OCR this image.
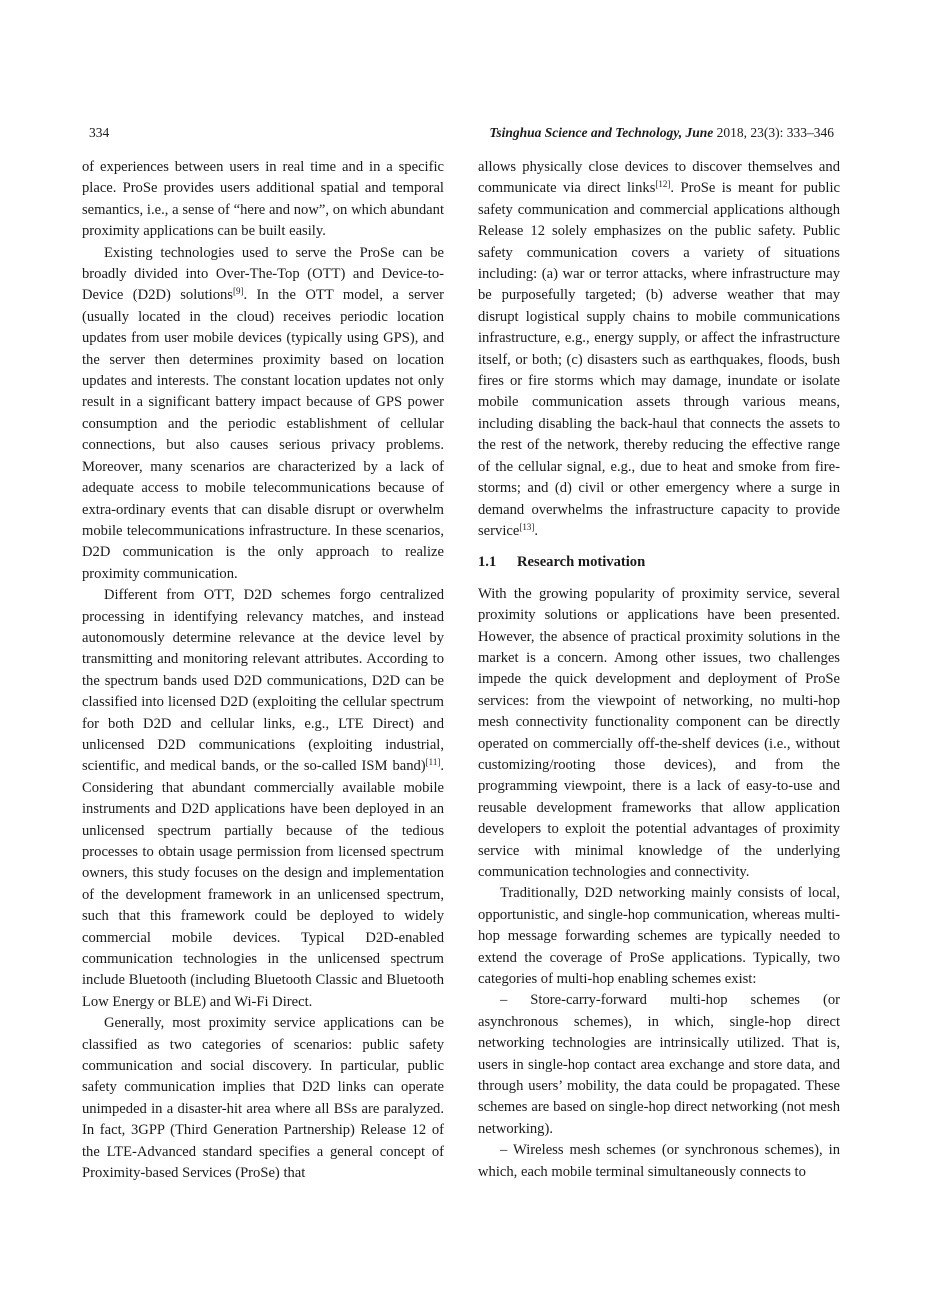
334	Tsinghua Science and Technology, June 2018, 23(3): 333–346

of experiences between users in real time and in a specific place. ProSe provides users additional spatial and temporal semantics, i.e., a sense of “here and now”, on which abundant proximity applications can be built easily.

Existing technologies used to serve the ProSe can be broadly divided into Over-The-Top (OTT) and Device-to-Device (D2D) solutions[9]. In the OTT model, a server (usually located in the cloud) receives periodic location updates from user mobile devices (typically using GPS), and the server then determines proximity based on location updates and interests. The constant location updates not only result in a significant battery impact because of GPS power consumption and the periodic establishment of cellular connections, but also causes serious privacy problems. Moreover, many scenarios are characterized by a lack of adequate access to mobile telecommunications because of extra-ordinary events that can disable disrupt or overwhelm mobile telecommunications infrastructure. In these scenarios, D2D communication is the only approach to realize proximity communication.

Different from OTT, D2D schemes forgo centralized processing in identifying relevancy matches, and instead autonomously determine relevance at the device level by transmitting and monitoring relevant attributes. According to the spectrum bands used D2D communications, D2D can be classified into licensed D2D (exploiting the cellular spectrum for both D2D and cellular links, e.g., LTE Direct) and unlicensed D2D communications (exploiting industrial, scientific, and medical bands, or the so-called ISM band)[11]. Considering that abundant commercially available mobile instruments and D2D applications have been deployed in an unlicensed spectrum partially because of the tedious processes to obtain usage permission from licensed spectrum owners, this study focuses on the design and implementation of the development framework in an unlicensed spectrum, such that this framework could be deployed to widely commercial mobile devices. Typical D2D-enabled communication technologies in the unlicensed spectrum include Bluetooth (including Bluetooth Classic and Bluetooth Low Energy or BLE) and Wi-Fi Direct.

Generally, most proximity service applications can be classified as two categories of scenarios: public safety communication and social discovery. In particular, public safety communication implies that D2D links can operate unimpeded in a disaster-hit area where all BSs are paralyzed. In fact, 3GPP (Third Generation Partnership) Release 12 of the LTE-Advanced standard specifies a general concept of Proximity-based Services (ProSe) that

allows physically close devices to discover themselves and communicate via direct links[12]. ProSe is meant for public safety communication and commercial applications although Release 12 solely emphasizes on the public safety. Public safety communication covers a variety of situations including: (a) war or terror attacks, where infrastructure may be purposefully targeted; (b) adverse weather that may disrupt logistical supply chains to mobile communications infrastructure, e.g., energy supply, or affect the infrastructure itself, or both; (c) disasters such as earthquakes, floods, bush fires or fire storms which may damage, inundate or isolate mobile communication assets through various means, including disabling the back-haul that connects the assets to the rest of the network, thereby reducing the effective range of the cellular signal, e.g., due to heat and smoke from fire-storms; and (d) civil or other emergency where a surge in demand overwhelms the infrastructure capacity to provide service[13].

1.1 Research motivation

With the growing popularity of proximity service, several proximity solutions or applications have been presented. However, the absence of practical proximity solutions in the market is a concern. Among other issues, two challenges impede the quick development and deployment of ProSe services: from the viewpoint of networking, no multi-hop mesh connectivity functionality component can be directly operated on commercially off-the-shelf devices (i.e., without customizing/rooting those devices), and from the programming viewpoint, there is a lack of easy-to-use and reusable development frameworks that allow application developers to exploit the potential advantages of proximity service with minimal knowledge of the underlying communication technologies and connectivity.

Traditionally, D2D networking mainly consists of local, opportunistic, and single-hop communication, whereas multi-hop message forwarding schemes are typically needed to extend the coverage of ProSe applications. Typically, two categories of multi-hop enabling schemes exist:

– Store-carry-forward multi-hop schemes (or asynchronous schemes), in which, single-hop direct networking technologies are intrinsically utilized. That is, users in single-hop contact area exchange and store data, and through users’ mobility, the data could be propagated. These schemes are based on single-hop direct networking (not mesh networking).

– Wireless mesh schemes (or synchronous schemes), in which, each mobile terminal simultaneously connects to
